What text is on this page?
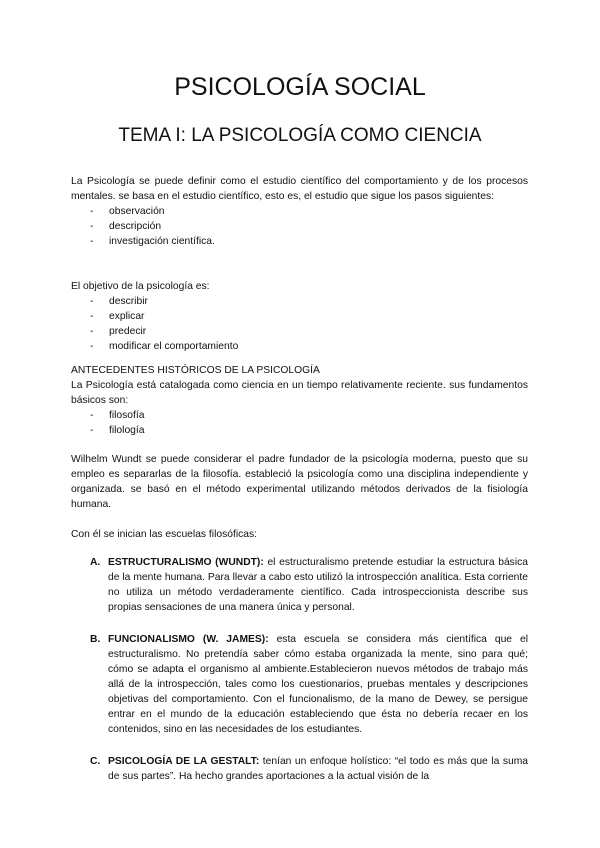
PSICOLOGÍA SOCIAL
TEMA I: LA PSICOLOGÍA COMO CIENCIA

La Psicología se puede definir como el estudio científico del comportamiento y de los procesos mentales. se basa en el estudio científico, esto es, el estudio que sigue los pasos siguientes:

- observación
- descripción
- investigación científica.

El objetivo de la psicología es:

- describir
- explicar
- predecir
- modificar el comportamiento

ANTECEDENTES HISTÓRICOS DE LA PSICOLOGÍA

La Psicología está catalogada como ciencia en un tiempo relativamente reciente. sus fundamentos básicos son:

- filosofía
- filología

Wilhelm Wundt se puede considerar el padre fundador de la psicología moderna, puesto que su empleo es separarlas de la filosofía. estableció la psicología como una disciplina independiente y organizada. se basó en el método experimental utilizando métodos derivados de la fisiología humana.

Con él se inician las escuelas filosóficas:

A. ESTRUCTURALISMO (WUNDT): el estructuralismo pretende estudiar la estructura básica de la mente humana. Para llevar a cabo esto utilizó la introspección analítica. Esta corriente no utiliza un método verdaderamente científico. Cada introspeccionista describe sus propias sensaciones de una manera única y personal.
B. FUNCIONALISMO (W. JAMES): esta escuela se considera más científica que el estructuralismo. No pretendía saber cómo estaba organizada la mente, sino para qué; cómo se adapta el organismo al ambiente.Establecieron nuevos métodos de trabajo más allá de la introspección, tales como los cuestionarios, pruebas mentales y descripciones objetivas del comportamiento. Con el funcionalismo, de la mano de Dewey, se persigue entrar en el mundo de la educación estableciendo que ésta no debería recaer en los contenidos, sino en las necesidades de los estudiantes.
C. PSICOLOGÍA DE LA GESTALT: tenían un enfoque holístico: “el todo es más que la suma de sus partes”. Ha hecho grandes aportaciones a la actual visión de la
